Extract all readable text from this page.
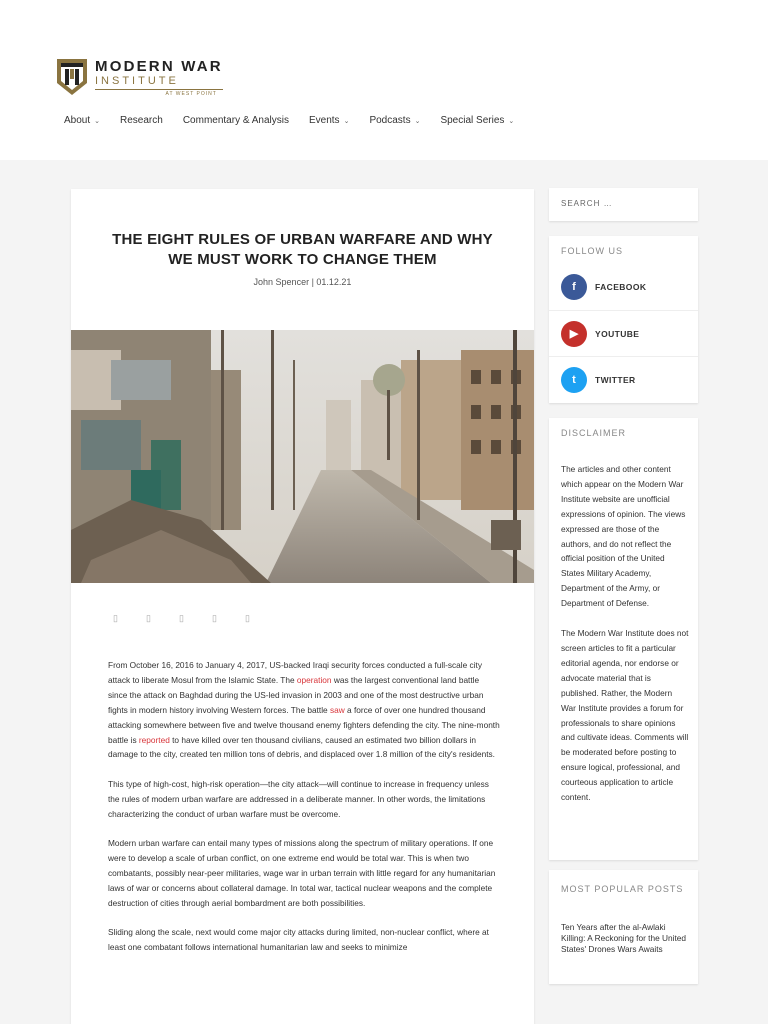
MODERN WAR
INSTITUTE
AT WEST POINT
About ⌄ Research Commentary & Analysis Events ⌄ Podcasts ⌄ Special Series ⌄
THE EIGHT RULES OF URBAN WARFARE AND WHY WE MUST WORK TO CHANGE THEM
John Spencer | 01.12.21
▯	▯	▯	▯	▯

From October 16, 2016 to January 4, 2017, US-backed Iraqi security forces conducted a full-scale city attack to liberate Mosul from the Islamic State. The operation was the largest conventional land battle since the attack on Baghdad during the US-led invasion in 2003 and one of the most destructive urban fights in modern history involving Western forces. The battle saw a force of over one hundred thousand attacking somewhere between five and twelve thousand enemy fighters defending the city. The nine-month battle is reported to have killed over ten thousand civilians, caused an estimated two billion dollars in damage to the city, created ten million tons of debris, and displaced over 1.8 million of the city's residents.

This type of high-cost, high-risk operation—the city attack—will continue to increase in frequency unless the rules of modern urban warfare are addressed in a deliberate manner. In other words, the limitations characterizing the conduct of urban warfare must be overcome.

Modern urban warfare can entail many types of missions along the spectrum of military operations. If one were to develop a scale of urban conflict, on one extreme end would be total war. This is when two combatants, possibly near-peer militaries, wage war in urban terrain with little regard for any humanitarian laws of war or concerns about collateral damage. In total war, tactical nuclear weapons and the complete destruction of cities through aerial bombardment are both possibilities.

Sliding along the scale, next would come major city attacks during limited, non-nuclear conflict, where at least one combatant follows international humanitarian law and seeks to minimize

SEARCH …
FOLLOW US
f	FACEBOOK
▶	YOUTUBE
t	TWITTER
DISCLAIMER

The articles and other content which appear on the Modern War Institute website are unofficial expressions of opinion. The views expressed are those of the authors, and do not reflect the official position of the United States Military Academy, Department of the Army, or Department of Defense.

The Modern War Institute does not screen articles to fit a particular editorial agenda, nor endorse or advocate material that is published. Rather, the Modern War Institute provides a forum for professionals to share opinions and cultivate ideas. Comments will be moderated before posting to ensure logical, professional, and courteous application to article content.

MOST POPULAR POSTS
Ten Years after the al-Awlaki Killing: A Reckoning for the United States' Drones Wars Awaits
